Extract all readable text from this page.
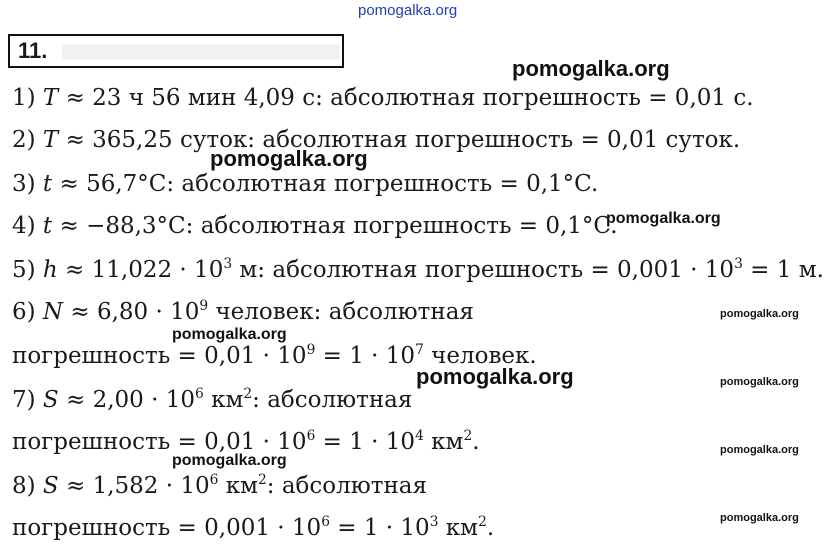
pomogalka.org
11.
1) T ≈ 23 ч 56 мин 4,09 с: абсолютная погрешность = 0,01 с.
2) T ≈ 365,25 суток: абсолютная погрешность = 0,01 суток.
3) t ≈ 56,7°C: абсолютная погрешность = 0,1°C.
4) t ≈ −88,3°C: абсолютная погрешность = 0,1°C.
5) $h \approx 11,022 \cdot 10^3$ м: абсолютная погрешность = $0,001 \cdot 10^3 = 1$ м.
6) $N \approx 6,80 \cdot 10^9$ человек: абсолютная
погрешность = $0,01 \cdot 10^9 = 1 \cdot 10^7$ человек.
7) $S \approx 2,00 \cdot 10^6$ $км^2$: абсолютная
погрешность = $0,01 \cdot 10^6 = 1 \cdot 10^4$ $км^2$.
8) $S \approx 1,582 \cdot 10^6$ $км^2$: абсолютная
погрешность = $0,001 \cdot 10^6 = 1 \cdot 10^3$ $км^2$.
pomogalka.org
pomogalka.org
pomogalka.org
pomogalka.org
pomogalka.org
pomogalka.org	pomogalka.org
pomogalka.org
pomogalka.org
pomogalka.org
